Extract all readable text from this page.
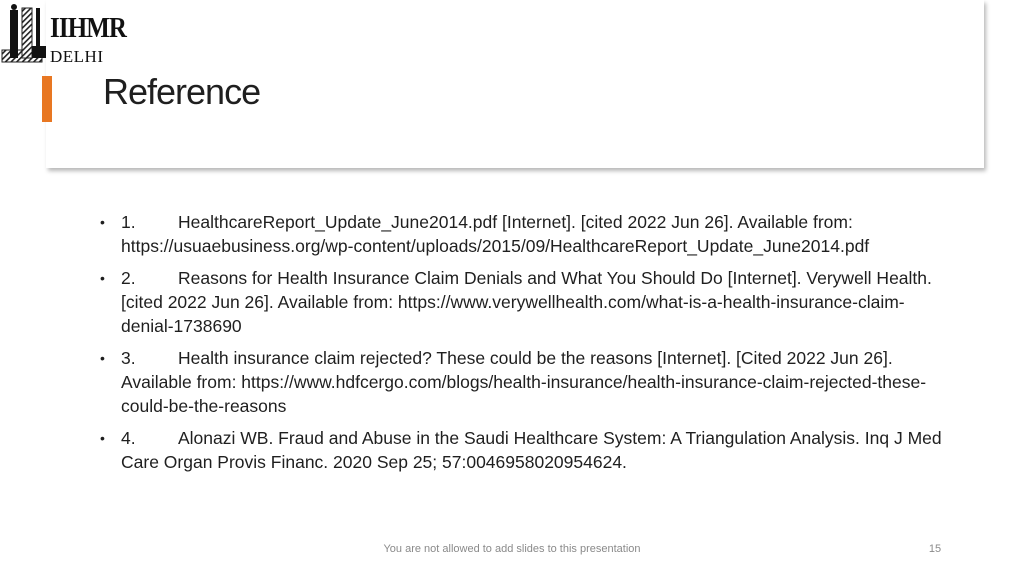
IIHMR
DELHI
Reference
• 1. HealthcareReport_Update_June2014.pdf [Internet]. [cited 2022 Jun 26]. Available from: https://usuaebusiness.org/wp-content/uploads/2015/09/HealthcareReport_Update_June2014.pdf
• 2. Reasons for Health Insurance Claim Denials and What You Should Do [Internet]. Verywell Health. [cited 2022 Jun 26]. Available from: https://www.verywellhealth.com/what-is-a-health-insurance-claim-denial-1738690
• 3. Health insurance claim rejected? These could be the reasons [Internet]. [Cited 2022 Jun 26]. Available from: https://www.hdfcergo.com/blogs/health-insurance/health-insurance-claim-rejected-these-could-be-the-reasons
• 4. Alonazi WB. Fraud and Abuse in the Saudi Healthcare System: A Triangulation Analysis. Inq J Med Care Organ Provis Financ. 2020 Sep 25; 57:0046958020954624.
You are not allowed to add slides to this presentation	15
